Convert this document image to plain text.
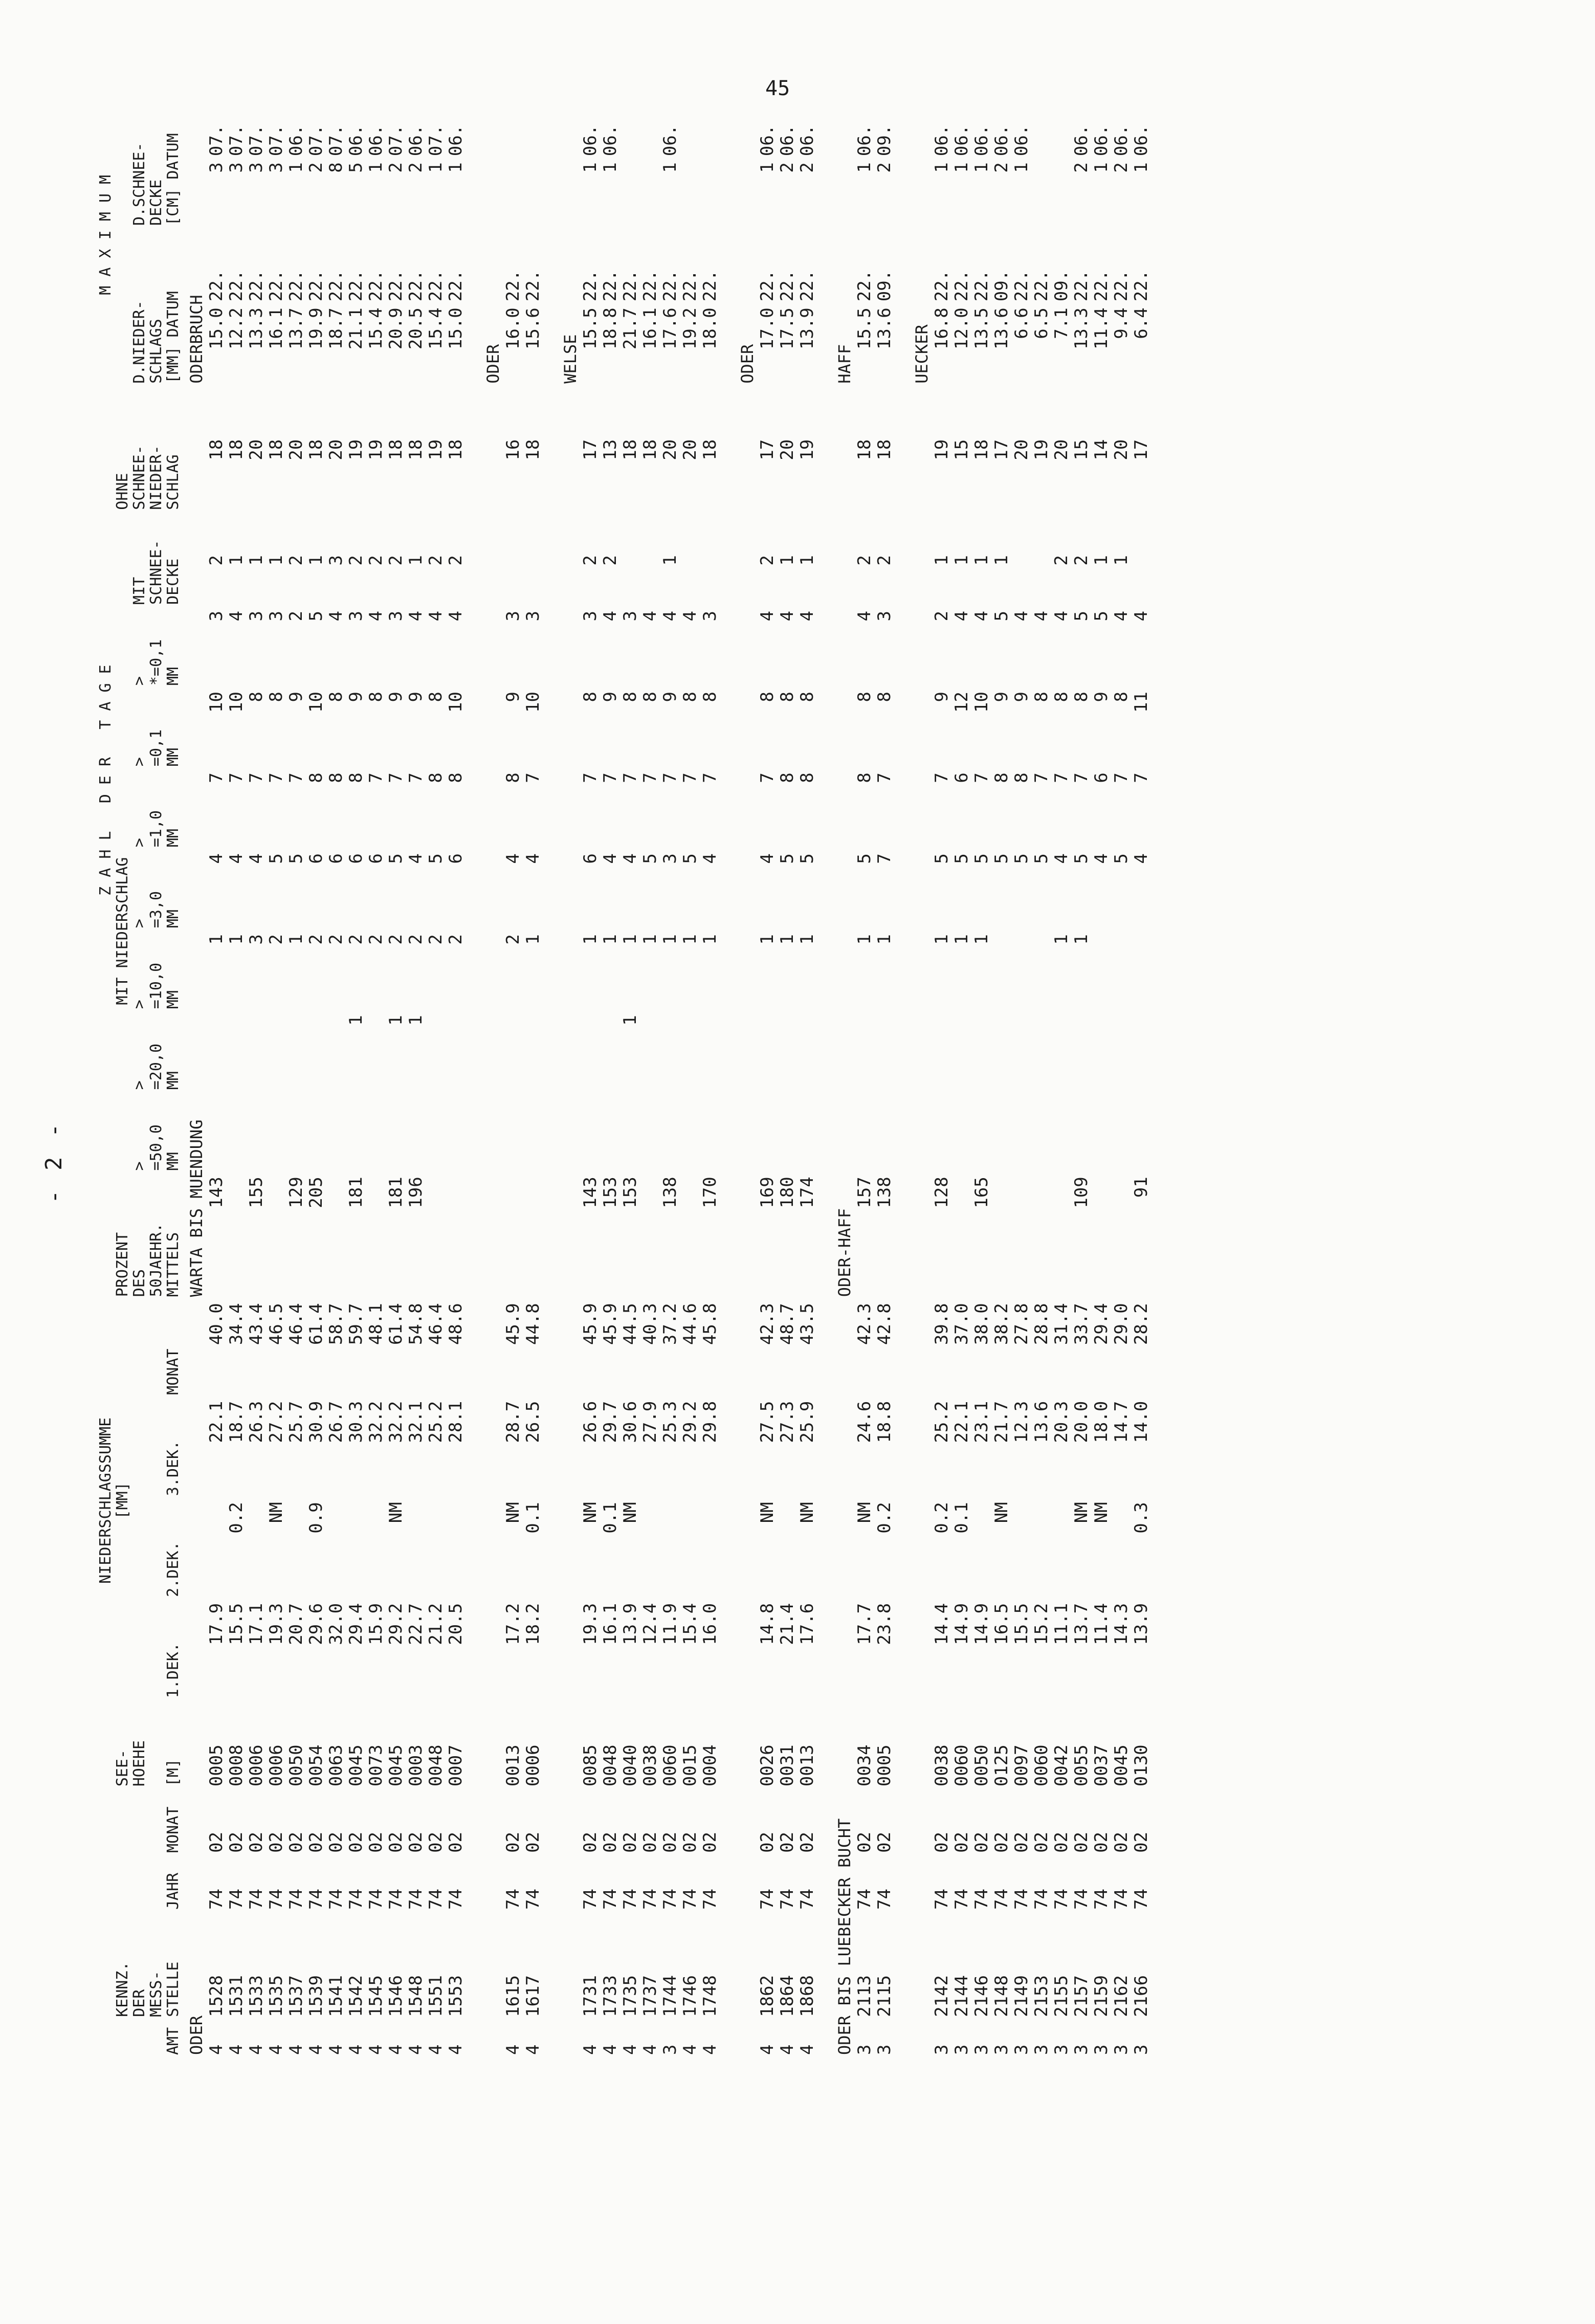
45
- 2 -
AMT	KENNZ.
DER
MESS-
STELLE	JAHR	MONAT	SEE-
HOEHE

[M]	NIEDERSCHLAGSSUMME
[MM]				PROZENT
DES
50JAEHR.
MITTELS	Z A H L   D E R   T A G E									M A X I M U M			
										MIT NIEDERSCHLAG							MIT
SCHNEE-
DECKE	OHNE
SCHNEE-
NIEDER-
SCHLAG	D.NIEDER-
SCHLAGS
[MM] DATUM		D.SCHNEE-
DECKE
[CM] DATUM	
					1.DEK.	2.DEK.	3.DEK.	MONAT		>
=50,0
MM	>
=20,0
MM	>
=10,0
MM	>
=3,0
MM	>
=1,0
MM	>
=0,1
MM	>
*=0,1
MM						
ODER									WARTA BIS MUENDUNG										ODERBRUCH			
4	1528	74	02	0005	17.9		22.1	40.0	143			1	4	7	10	3	2	18	15.0	22.	3	07.
4	1531	74	02	0008	15.5	0.2	18.7	34.4				1	4	7	10	4	1	18	12.2	22.	3	07.
4	1533	74	02	0006	17.1		26.3	43.4	155			3	4	7	8	3	1	20	13.3	22.	3	07.
4	1535	74	02	0006	19.3	NM	27.2	46.5				2	5	7	8	3	1	18	16.1	22.	3	07.
4	1537	74	02	0050	20.7		25.7	46.4	129			1	5	7	9	2	2	20	13.7	22.	1	06.
4	1539	74	02	0054	29.6	0.9	30.9	61.4	205			2	6	8	10	5	1	18	19.9	22.	2	07.
4	1541	74	02	0063	32.0		26.7	58.7				2	6	8	8	4	3	20	18.7	22.	8	07.
4	1542	74	02	0045	29.4		30.3	59.7	181		1	2	6	8	9	3	2	19	21.1	22.	5	06.
4	1545	74	02	0073	15.9		32.2	48.1				2	6	7	8	4	2	19	15.4	22.	1	06.
4	1546	74	02	0045	29.2	NM	32.2	61.4	181		1	2	5	7	9	3	2	18	20.9	22.	2	07.
4	1548	74	02	0003	22.7		32.1	54.8	196		1	2	4	7	9	4	1	18	20.5	22.	2	06.
4	1551	74	02	0048	21.2		25.2	46.4				2	5	8	8	4	2	19	15.4	22.	1	07.
4	1553	74	02	0007	20.5		28.1	48.6				2	6	8	10	4	2	18	15.0	22.	1	06.
																			ODER			
4	1615	74	02	0013	17.2	NM	28.7	45.9				2	4	8	9	3		16	16.0	22.		
4	1617	74	02	0006	18.2	0.1	26.5	44.8				1	4	7	10	3		18	15.6	22.		
																			WELSE			
4	1731	74	02	0085	19.3	NM	26.6	45.9	143			1	6	7	8	3	2	17	15.5	22.	1	06.
4	1733	74	02	0048	16.1	0.1	29.7	45.9	153			1	4	7	9	4	2	13	18.8	22.	1	06.
4	1735	74	02	0040	13.9	NM	30.6	44.5	153		1	1	4	7	8	3		18	21.7	22.		
4	1737	74	02	0038	12.4		27.9	40.3				1	5	7	8	4		18	16.1	22.		
3	1744	74	02	0060	11.9		25.3	37.2	138			1	3	7	9	4	1	20	17.6	22.	1	06.
4	1746	74	02	0015	15.4		29.2	44.6				1	5	7	8	4		20	19.2	22.		
4	1748	74	02	0004	16.0		29.8	45.8	170			1	4	7	8	3		18	18.0	22.		
																			ODER			
4	1862	74	02	0026	14.8	NM	27.5	42.3	169			1	4	7	8	4	2	17	17.0	22.	1	06.
4	1864	74	02	0031	21.4		27.3	48.7	180			1	5	8	8	4	1	20	17.5	22.	2	06.
4	1868	74	02	0013	17.6	NM	25.9	43.5	174			1	5	8	8	4	1	19	13.9	22.	2	06.
ODER BIS LUEBECKER BUCHT									ODER-HAFF										HAFF			
3	2113	74	02	0034	17.7	NM	24.6	42.3	157			1	5	8	8	4	2	18	15.5	22.	1	06.
3	2115	74	02	0005	23.8	0.2	18.8	42.8	138			1	7	7	8	3	2	18	13.6	09.	2	09.
																			UECKER			
3	2142	74	02	0038	14.4	0.2	25.2	39.8	128			1	5	7	9	2	1	19	16.8	22.	1	06.
3	2144	74	02	0060	14.9	0.1	22.1	37.0				1	5	6	12	4	1	15	12.0	22.	1	06.
3	2146	74	02	0050	14.9		23.1	38.0	165			1	5	7	10	4	1	18	13.5	22.	1	06.
3	2148	74	02	0125	16.5	NM	21.7	38.2					5	8	9	5	1	17	13.6	09.	2	06.
3	2149	74	02	0097	15.5		12.3	27.8					5	8	9	4		20	6.6	22.	1	06.
3	2153	74	02	0060	15.2		13.6	28.8					5	7	8	4		19	6.5	22.		
3	2155	74	02	0042	11.1		20.3	31.4				1	4	7	8	4	2	20	7.1	09.		
3	2157	74	02	0055	13.7	NM	20.0	33.7	109			1	5	7	8	5	2	15	13.3	22.	2	06.
3	2159	74	02	0037	11.4	NM	18.0	29.4					4	6	9	5	1	14	11.4	22.	1	06.
3	2162	74	02	0045	14.3		14.7	29.0					5	7	8	4	1	20	9.4	22.	2	06.
3	2166	74	02	0130	13.9	0.3	14.0	28.2	91				4	7	11	4		17	6.4	22.	1	06.
